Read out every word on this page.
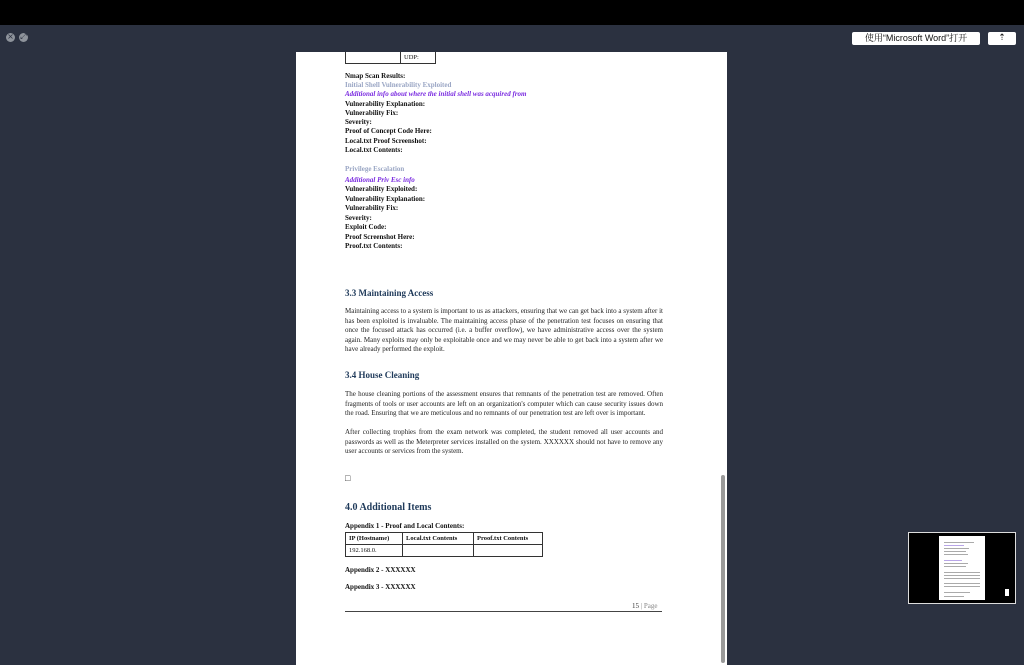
× ⤢	使用“Microsoft Word”打开	⇡
	UDP:
Nmap Scan Results:
Initial Shell Vulnerability Exploited
Additional info about where the initial shell was acquired from
Vulnerability Explanation:
Vulnerability Fix:
Severity:
Proof of Concept Code Here:
Local.txt Proof Screenshot:
Local.txt Contents:
Privilege Escalation
Additional Priv Esc info
Vulnerability Exploited:
Vulnerability Explanation:
Vulnerability Fix:
Severity:
Exploit Code:
Proof Screenshot Here:
Proof.txt Contents:
3.3 Maintaining Access
Maintaining access to a system is important to us as attackers, ensuring that we can get back into a system after it has been exploited is invaluable. The maintaining access phase of the penetration test focuses on ensuring that once the focused attack has occurred (i.e. a buffer overflow), we have administrative access over the system again. Many exploits may only be exploitable once and we may never be able to get back into a system after we have already performed the exploit.
3.4 House Cleaning
The house cleaning portions of the assessment ensures that remnants of the penetration test are removed. Often fragments of tools or user accounts are left on an organization's computer which can cause security issues down the road. Ensuring that we are meticulous and no remnants of our penetration test are left over is important.
After collecting trophies from the exam network was completed, the student removed all user accounts and passwords as well as the Meterpreter services installed on the system. XXXXXX should not have to remove any user accounts or services from the system.
□
4.0 Additional Items
Appendix 1 - Proof and Local Contents:
IP (Hostname)	Local.txt Contents	Proof.txt Contents
192.168.0.		
Appendix 2 - XXXXXX
Appendix 3 - XXXXXX
15 | Page
